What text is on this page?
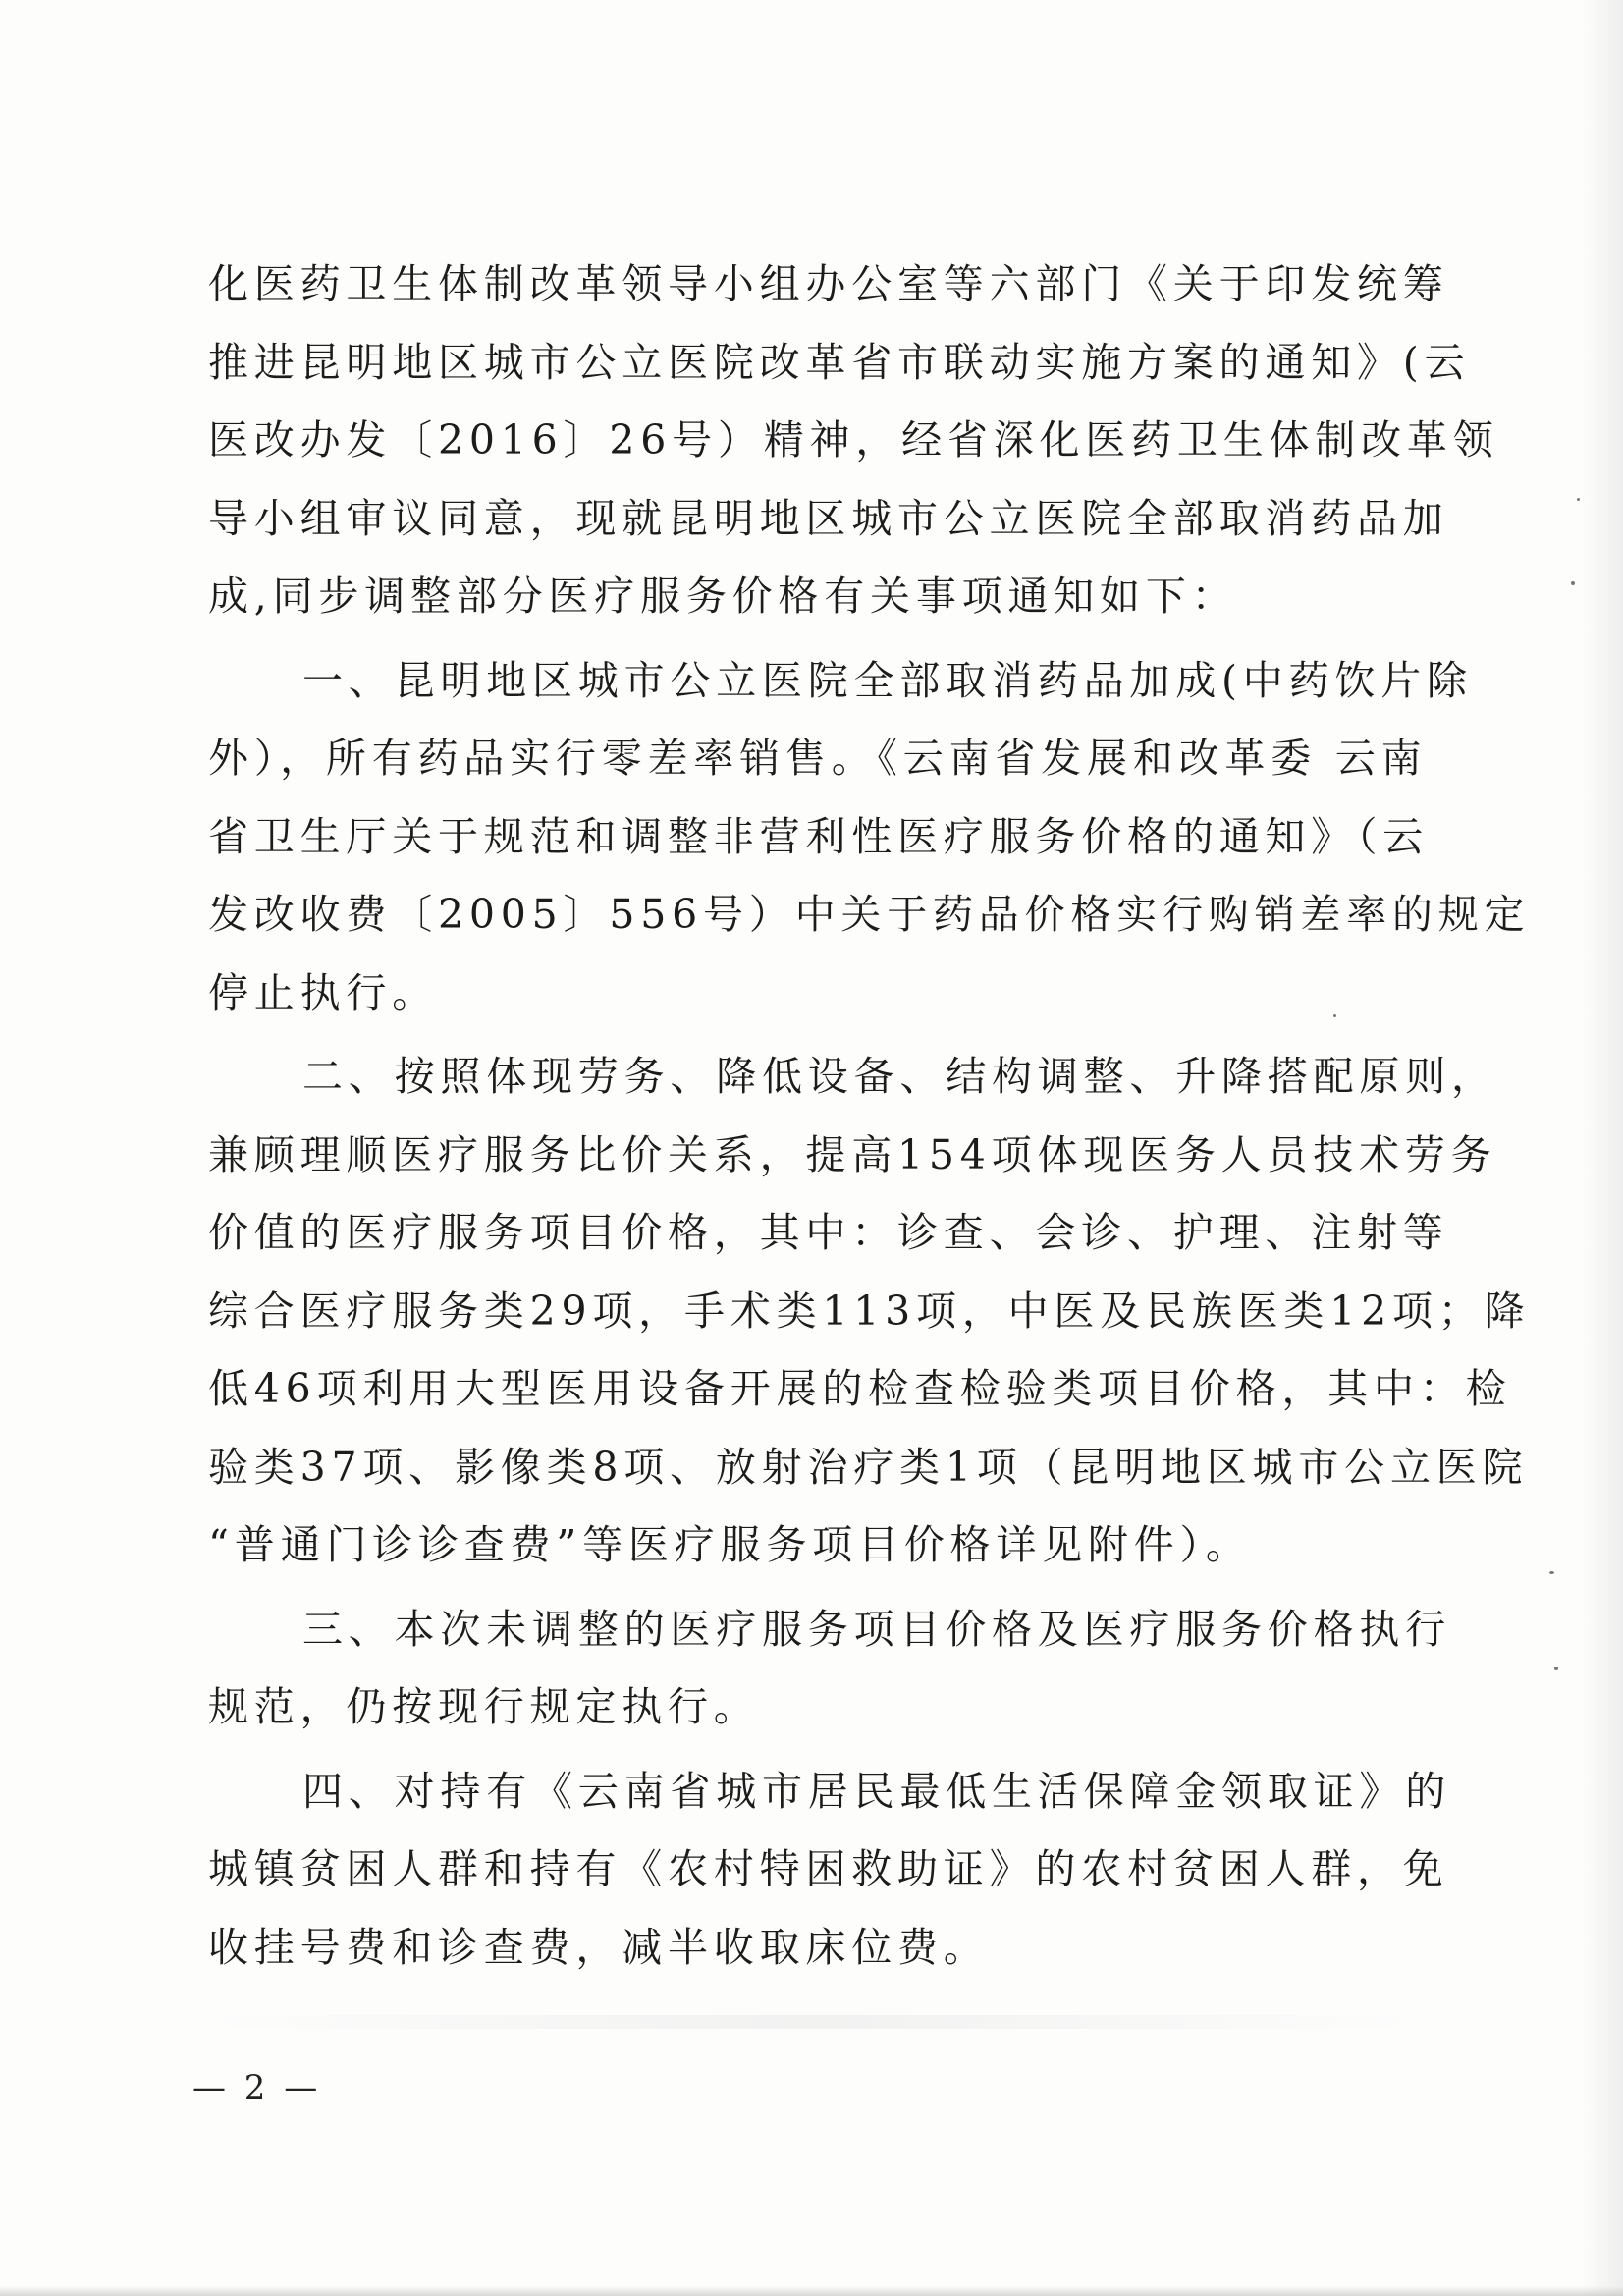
化医药卫生体制改革领导小组办公室等六部门《关于印发统筹
推进昆明地区城市公立医院改革省市联动实施方案的通知》(云
医改办发〔2016〕26号）精神，经省深化医药卫生体制改革领
导小组审议同意，现就昆明地区城市公立医院全部取消药品加
成,同步调整部分医疗服务价格有关事项通知如下：
一、昆明地区城市公立医院全部取消药品加成(中药饮片除
外），所有药品实行零差率销售。《云南省发展和改革委 云南
省卫生厅关于规范和调整非营利性医疗服务价格的通知》（云
发改收费〔2005〕556号）中关于药品价格实行购销差率的规定
停止执行。
二、按照体现劳务、降低设备、结构调整、升降搭配原则，
兼顾理顺医疗服务比价关系，提高154项体现医务人员技术劳务
价值的医疗服务项目价格，其中：诊查、会诊、护理、注射等
综合医疗服务类29项，手术类113项，中医及民族医类12项；降
低46项利用大型医用设备开展的检查检验类项目价格，其中：检
验类37项、影像类8项、放射治疗类1项（昆明地区城市公立医院
“普通门诊诊查费”等医疗服务项目价格详见附件）。
三、本次未调整的医疗服务项目价格及医疗服务价格执行
规范，仍按现行规定执行。
四、对持有《云南省城市居民最低生活保障金领取证》的
城镇贫困人群和持有《农村特困救助证》的农村贫困人群，免
收挂号费和诊查费，减半收取床位费。
— 2 —
